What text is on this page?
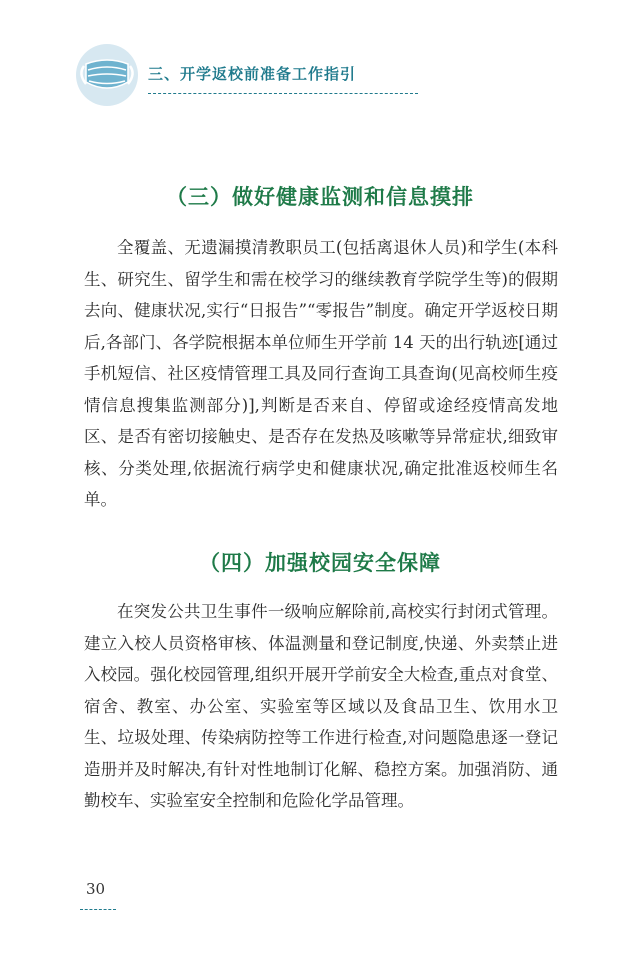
三、开学返校前准备工作指引
（三）做好健康监测和信息摸排

全覆盖、无遗漏摸清教职员工(包括离退休人员)和学生(本科生、研究生、留学生和需在校学习的继续教育学院学生等)的假期去向、健康状况,实行“日报告”“零报告”制度。确定开学返校日期后,各部门、各学院根据本单位师生开学前 14 天的出行轨迹[通过手机短信、社区疫情管理工具及同行查询工具查询(见高校师生疫情信息搜集监测部分)],判断是否来自、停留或途经疫情高发地区、是否有密切接触史、是否存在发热及咳嗽等异常症状,细致审核、分类处理,依据流行病学史和健康状况,确定批准返校师生名单。

（四）加强校园安全保障

在突发公共卫生事件一级响应解除前,高校实行封闭式管理。建立入校人员资格审核、体温测量和登记制度,快递、外卖禁止进入校园。强化校园管理,组织开展开学前安全大检查,重点对食堂、宿舍、教室、办公室、实验室等区域以及食品卫生、饮用水卫生、垃圾处理、传染病防控等工作进行检查,对问题隐患逐一登记造册并及时解决,有针对性地制订化解、稳控方案。加强消防、通勤校车、实验室安全控制和危险化学品管理。

30
